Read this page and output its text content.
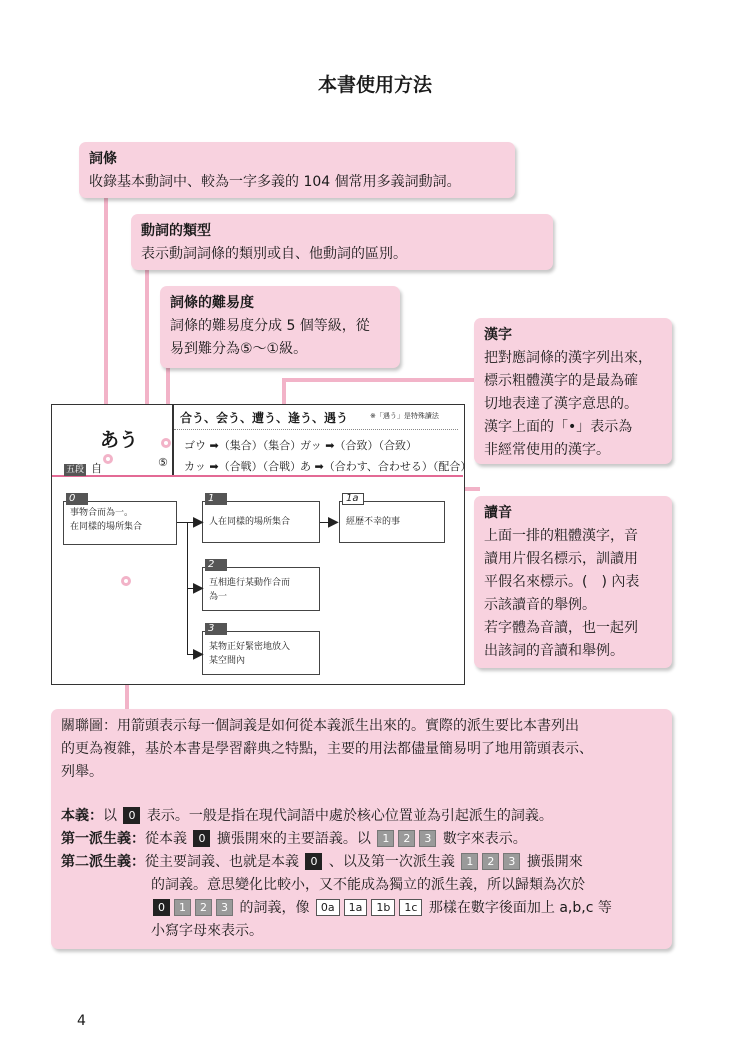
本書使用方法
詞條
收錄基本動詞中、較為一字多義的 104 個常用多義詞動詞。
動詞的類型
表示動詞詞條的類別或自、他動詞的區別。
詞條的難易度
詞條的難易度分成 5 個等級，從
易到難分為⑤～①級。
漢字
把對應詞條的漢字列出來，
標示粗體漢字的是最為確
切地表達了漢字意思的。
漢字上面的「•」表示為
非經常使用的漢字。
讀音
上面一排的粗體漢字，音
讀用片假名標示，訓讀用
平假名來標示。(　) 內表
示該讀音的舉例。
若字體為音讀，也一起列
出該詞的音讀和舉例。
あう
五段 自	⑤
合う、会う、遭う、逢う、遇う	※「遇う」是特殊讀法
ゴウ ➡（集合）（集合）
ガッ ➡（合致）（合致）
カッ ➡（合戦）（合戦）
あ ➡（合わす、合わせる）（配合）
事物合而為一。
在同樣的場所集合
0
人在同樣的場所集合
1
經歷不幸的事
1a
互相進行某動作合而
為一
2
某物正好緊密地放入
某空間內
3
▶
▶
▶
▶
關聯圖：用箭頭表示每一個詞義是如何從本義派生出來的。實際的派生要比本書列出
的更為複雜，基於本書是學習辭典之特點，主要的用法都儘量簡易明了地用箭頭表示、
列舉。
本義：以 0 表示。一般是指在現代詞語中處於核心位置並為引起派生的詞義。
第一派生義：從本義 0 擴張開來的主要語義。以 1 2 3 數字來表示。
第二派生義：從主要詞義、也就是本義 0 、以及第一次派生義 1 2 3 擴張開來
的詞義。意思變化比較小，又不能成為獨立的派生義，所以歸類為次於
0 1 2 3 的詞義，像 0a 1a 1b 1c 那樣在數字後面加上 a,b,c 等
小寫字母來表示。
4
